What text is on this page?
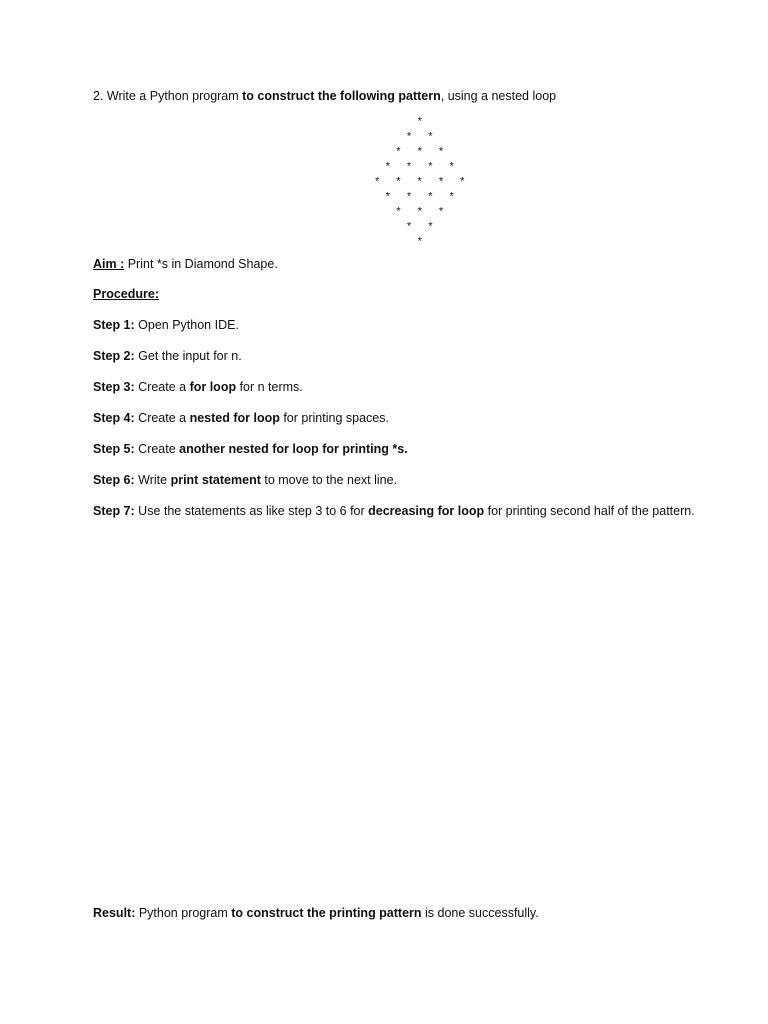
2. Write a Python program to construct the following pattern, using a nested loop
*
*  *
*  *  *
*  *  *  *
*  *  *  *  *
*  *  *  *
*  *  *
*  *
*
Aim : Print *s in Diamond Shape.
Procedure:
Step 1: Open Python IDE.
Step 2: Get the input for n.
Step 3: Create a for loop for n terms.
Step 4: Create a nested for loop for printing spaces.
Step 5: Create another nested for loop for printing *s.
Step 6: Write print statement to move to the next line.
Step 7: Use the statements as like step 3 to 6 for decreasing for loop for printing second half of the pattern.
Result: Python program to construct the printing pattern is done successfully.
